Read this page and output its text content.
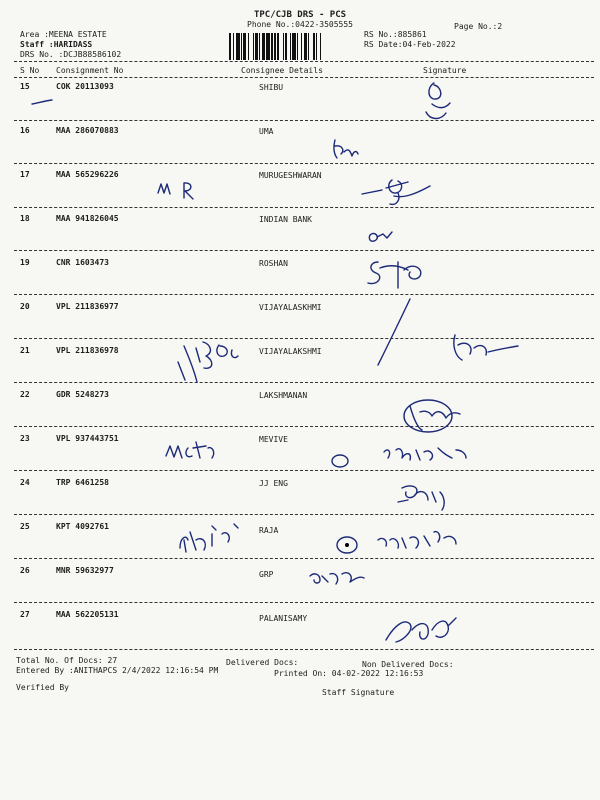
TPC/CJB DRS - PCS
Phone No.:0422-3505555	Page No.:2
Area :MEENA ESTATE
Staff :HARIDASS
DRS No. :DCJB88586102
RS No.:885861
RS Date:04-Feb-2022
S No Consignment No	Consignee Details	Signature
15	COK 20113093	SHIBU
16	MAA 286070883	UMA
17	MAA 565296226	MURUGESHWARAN
18	MAA 941826045	INDIAN BANK
19	CNR 1603473	ROSHAN
20	VPL 211836977	VIJAYALASKHMI
21	VPL 211836978	VIJAYALAKSHMI
22	GDR 5248273	LAKSHMANAN
23	VPL 937443751	MEVIVE
24	TRP 6461258	JJ ENG
25	KPT 4092761	RAJA
26	MNR 59632977	GRP
27	MAA 562205131	PALANISAMY
Total No. Of Docs: 27	Delivered Docs:	Non Delivered Docs:
Entered By :ANITHAPCS 2/4/2022 12:16:54 PM	Printed On: 04-02-2022 12:16:53
Verified By
Staff Signature
